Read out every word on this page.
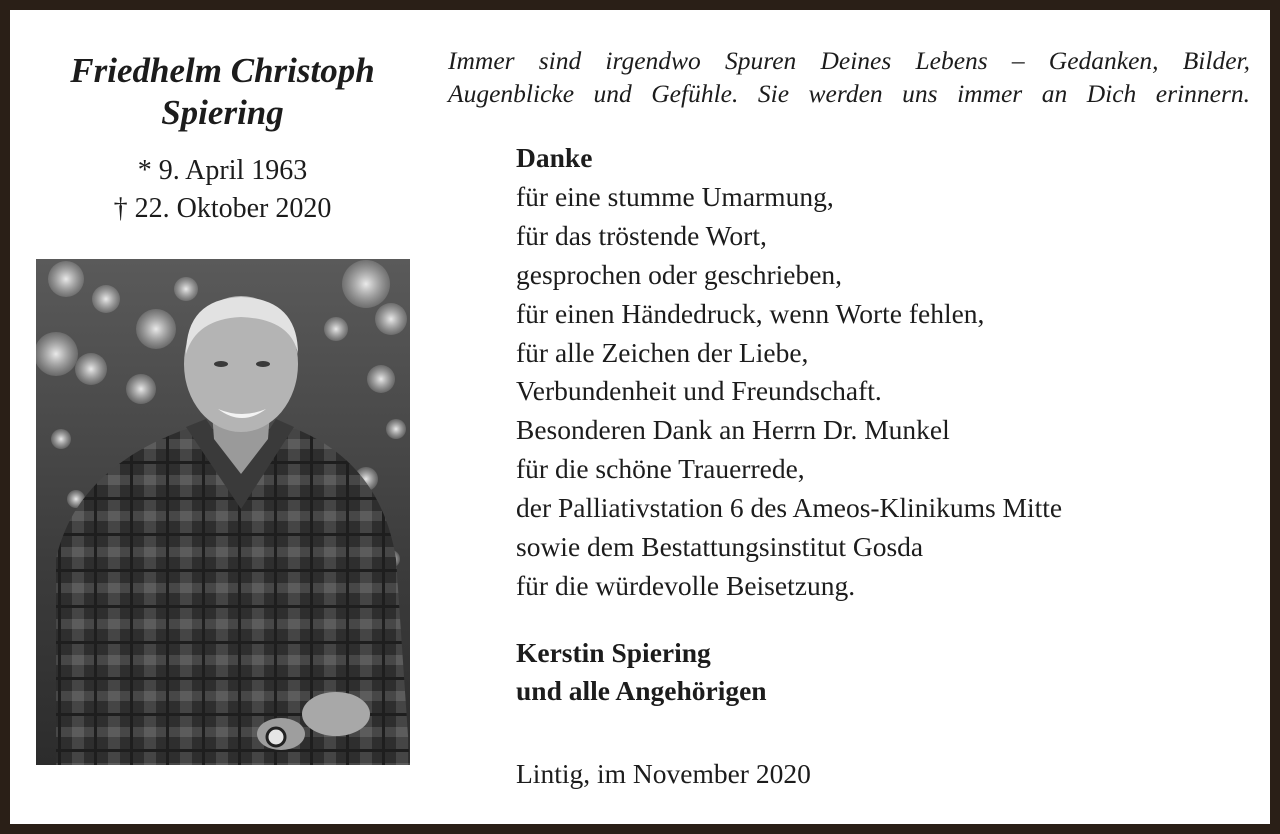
Friedhelm Christoph
Spiering
* 9. April 1963
† 22. Oktober 2020
Immer sind irgendwo Spuren Deines Lebens – Gedanken, Bilder,
Augenblicke und Gefühle. Sie werden uns immer an Dich erinnern.
Danke
für eine stumme Umarmung,
für das tröstende Wort,
gesprochen oder geschrieben,
für einen Händedruck, wenn Worte fehlen,
für alle Zeichen der Liebe,
Verbundenheit und Freundschaft.
Besonderen Dank an Herrn Dr. Munkel
für die schöne Trauerrede,
der Palliativstation 6 des Ameos-Klinikums Mitte
sowie dem Bestattungsinstitut Gosda
für die würdevolle Beisetzung.
Kerstin Spiering
und alle Angehörigen
Lintig, im November 2020
